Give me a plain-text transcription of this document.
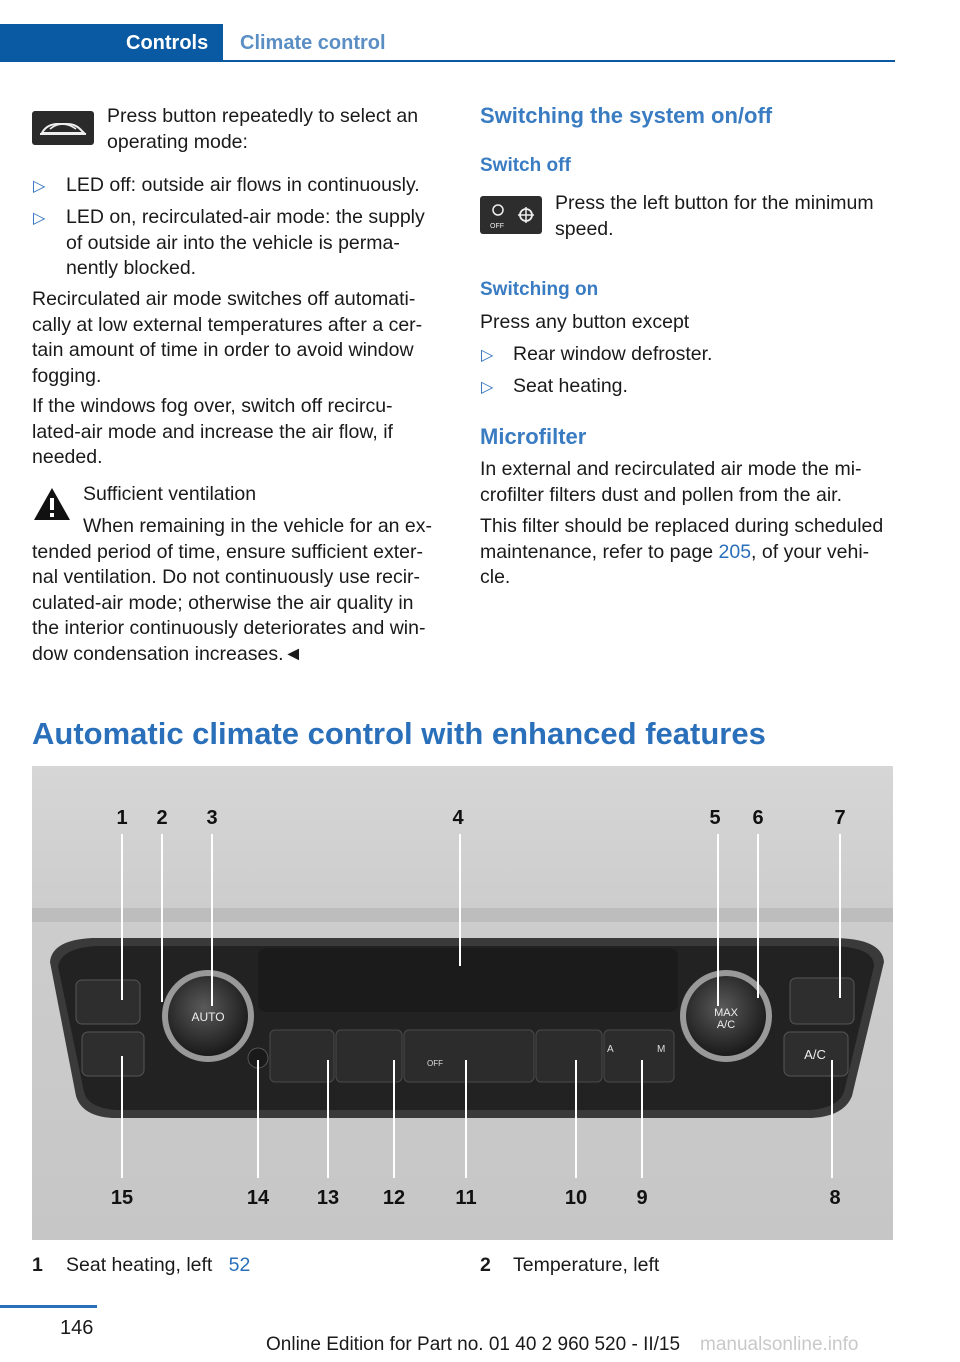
Controls	Climate control
Press button repeatedly to select an operating mode:
▷ LED off: outside air flows in continuously.
▷ LED on, recirculated-air mode: the supply of outside air into the vehicle is perma-nently blocked.
Recirculated air mode switches off automati-cally at low external temperatures after a cer-tain amount of time in order to avoid window fogging.
If the windows fog over, switch off recircu-lated-air mode and increase the air flow, if needed.
Sufficient ventilation
When remaining in the vehicle for an ex-tended period of time, ensure sufficient exter-nal ventilation. Do not continuously use recir-culated-air mode; otherwise the air quality in the interior continuously deteriorates and win-dow condensation increases.◄
Switching the system on/off
Switch off
OFF
Press the left button for the minimum speed.
Switching on
Press any button except
▷ Rear window defroster.
▷ Seat heating.
Microfilter
In external and recirculated air mode the mi-crofilter filters dust and pollen from the air.
This filter should be replaced during scheduled maintenance, refer to page 205, of your vehi-cle.
Automatic climate control with enhanced features
AUTO
OFF
A	M
MAX
A/C
A/C
1 2 3	4	5 6	7
15	14 13 12	11	10 9	8
1 Seat heating, left 52	2 Temperature, left
146
Online Edition for Part no. 01 40 2 960 520 - II/15 manualsonline.info
